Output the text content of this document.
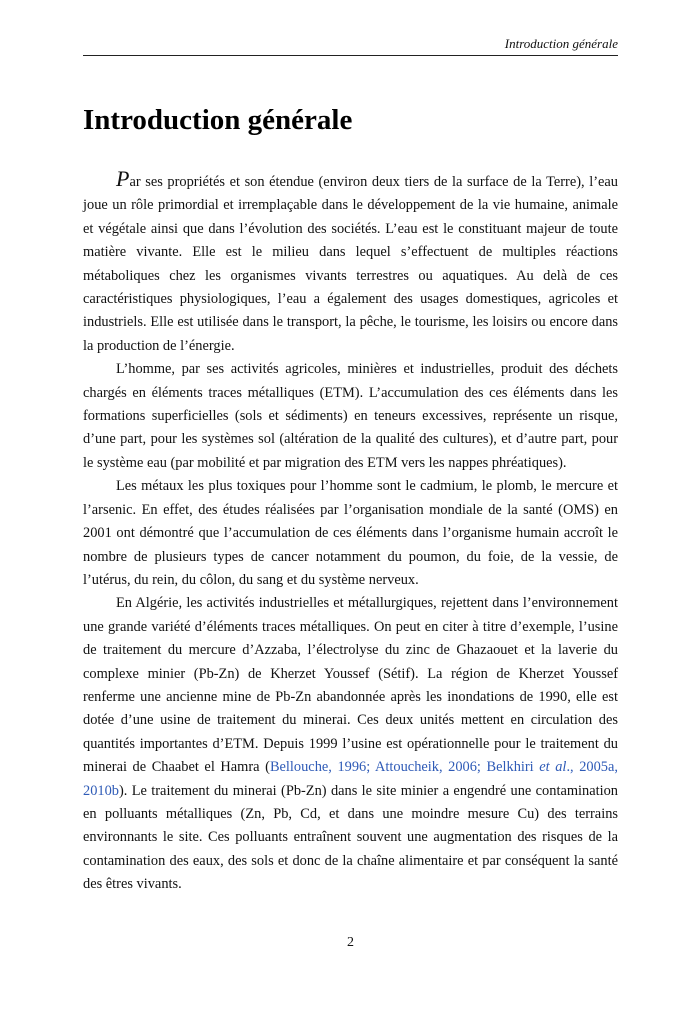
Introduction générale
Introduction générale

Par ses propriétés et son étendue (environ deux tiers de la surface de la Terre), l’eau joue un rôle primordial et irremplaçable dans le développement de la vie humaine, animale et végétale ainsi que dans l’évolution des sociétés. L’eau est le constituant majeur de toute matière vivante. Elle est le milieu dans lequel s’effectuent de multiples réactions métaboliques chez les organismes vivants terrestres ou aquatiques. Au delà de ces caractéristiques physiologiques, l’eau a également des usages domestiques, agricoles et industriels. Elle est utilisée dans le transport, la pêche, le tourisme, les loisirs ou encore dans la production de l’énergie.

L’homme, par ses activités agricoles, minières et industrielles, produit des déchets chargés en éléments traces métalliques (ETM). L’accumulation des ces éléments dans les formations superficielles (sols et sédiments) en teneurs excessives, représente un risque, d’une part, pour les systèmes sol (altération de la qualité des cultures), et d’autre part, pour le système eau (par mobilité et par migration des ETM vers les nappes phréatiques).

Les métaux les plus toxiques pour l’homme sont le cadmium, le plomb, le mercure et l’arsenic. En effet, des études réalisées par l’organisation mondiale de la santé (OMS) en 2001 ont démontré que l’accumulation de ces éléments dans l’organisme humain accroît le nombre de plusieurs types de cancer notamment du poumon, du foie, de la vessie, de l’utérus, du rein, du côlon, du sang et du système nerveux.

En Algérie, les activités industrielles et métallurgiques, rejettent dans l’environnement une grande variété d’éléments traces métalliques. On peut en citer à titre d’exemple, l’usine de traitement du mercure d’Azzaba, l’électrolyse du zinc de Ghazaouet et la laverie du complexe minier (Pb-Zn) de Kherzet Youssef (Sétif). La région de Kherzet Youssef renferme une ancienne mine de Pb-Zn abandonnée après les inondations de 1990, elle est dotée d’une usine de traitement du minerai. Ces deux unités mettent en circulation des quantités importantes d’ETM. Depuis 1999 l’usine est opérationnelle pour le traitement du minerai de Chaabet el Hamra (Bellouche, 1996; Attoucheik, 2006; Belkhiri et al., 2005a, 2010b). Le traitement du minerai (Pb-Zn) dans le site minier a engendré une contamination en polluants métalliques (Zn, Pb, Cd, et dans une moindre mesure Cu) des terrains environnants le site. Ces polluants entraînent souvent une augmentation des risques de la contamination des eaux, des sols et donc de la chaîne alimentaire et par conséquent la santé des êtres vivants.

2
